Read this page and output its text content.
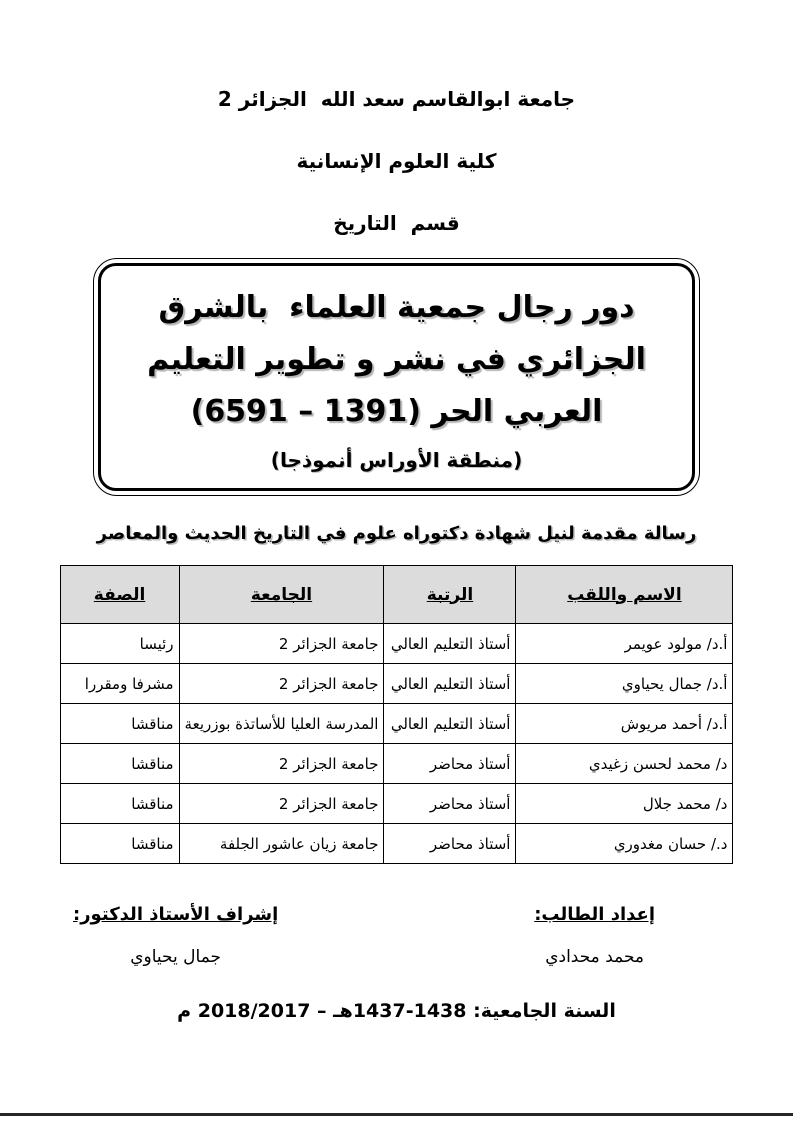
جامعة ابوالقاسم سعد الله  الجزائر 2
كلية العلوم الإنسانية
قسم  التاريخ
دور رجال جمعية العلماء  بالشرق
الجزائري في نشر و تطوير التعليم
العربي الحر (1391 – 6591)
(منطقة الأوراس أنموذجا)
رسالة مقدمة لنيل شهادة دكتوراه علوم في التاريخ الحديث والمعاصر
الاسم واللقب	الرتبة	الجامعة	الصفة
أ.د/ مولود عويمر	أستاذ التعليم العالي	جامعة الجزائر 2	رئيسا
أ.د/ جمال يحياوي	أستاذ التعليم العالي	جامعة الجزائر 2	مشرفا ومقررا
أ.د/ أحمد مريوش	أستاذ التعليم العالي	المدرسة العليا للأساتذة بوزريعة	مناقشا
د/ محمد لحسن زغيدي	أستاذ محاضر	جامعة الجزائر 2	مناقشا
د/ محمد جلال	أستاذ محاضر	جامعة الجزائر 2	مناقشا
د./ حسان مغدوري	أستاذ محاضر	جامعة زيان عاشور الجلفة	مناقشا
إعداد الطالب:
محمد محدادي
إشراف الأستاذ الدكتور:
جمال يحياوي
السنة الجامعية: 1438-1437هـ – 2018/2017 م
